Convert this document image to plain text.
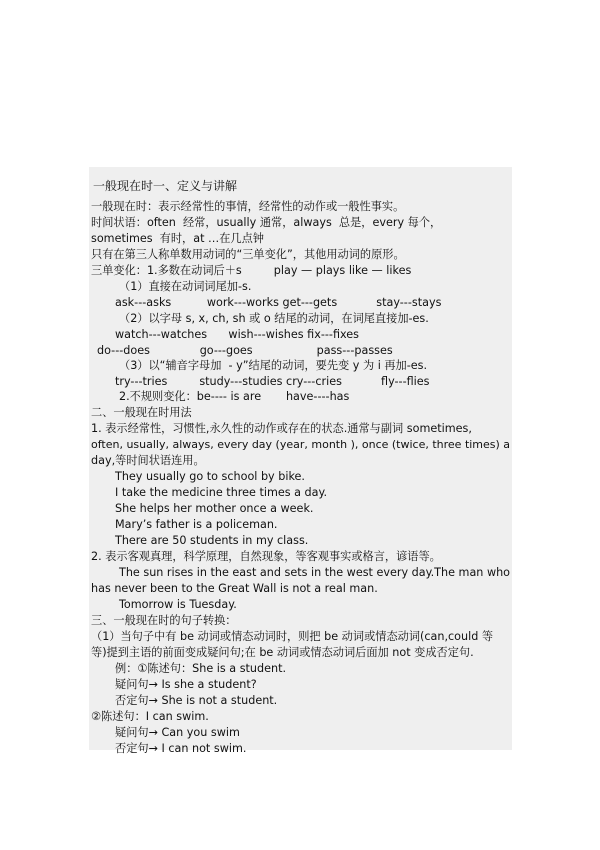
一般现在时一、定义与讲解
一般现在时：表示经常性的事情，经常性的动作或一般性事实。
时间状语：often  经常，usually 通常，always  总是，every 每个，
sometimes  有时，at …在几点钟
只有在第三人称单数用动词的“三单变化”，其他用动词的原形。
三单变化：1.多数在动词后＋s         play — plays like — likes
（1）直接在动词词尾加-s.
ask---asks          work---works get---gets           stay---stays
（2）以字母 s, x, ch, sh 或 o 结尾的动词，在词尾直接加-es.
watch---watches      wish---wishes fix---fixes
do---does              go---goes                  pass---passes
（3）以“辅音字母加  - y”结尾的动词，要先变 y 为 i 再加-es.
try---tries         study---studies cry---cries           fly---flies
2.不规则变化：be---- is are       have----has
二、一般现在时用法
1. 表示经常性，习惯性,永久性的动作或存在的状态.通常与副词 sometimes,
often, usually, always, every day (year, month ), once (twice, three times) a
day,等时间状语连用。
They usually go to school by bike.
I take the medicine three times a day.
She helps her mother once a week.
Mary’s father is a policeman.
There are 50 students in my class.
2. 表示客观真理，科学原理，自然现象，等客观事实或格言，谚语等。
The sun rises in the east and sets in the west every day.The man who
has never been to the Great Wall is not a real man.
Tomorrow is Tuesday.
三、一般现在时的句子转换：
（1）当句子中有 be 动词或情态动词时，则把 be 动词或情态动词(can,could 等
等)提到主语的前面变成疑问句;在 be 动词或情态动词后面加 not 变成否定句.
例：①陈述句：She is a student.
疑问句→ Is she a student?
否定句→ She is not a student.
②陈述句：I can swim.
疑问句→ Can you swim
否定句→ I can not swim.
